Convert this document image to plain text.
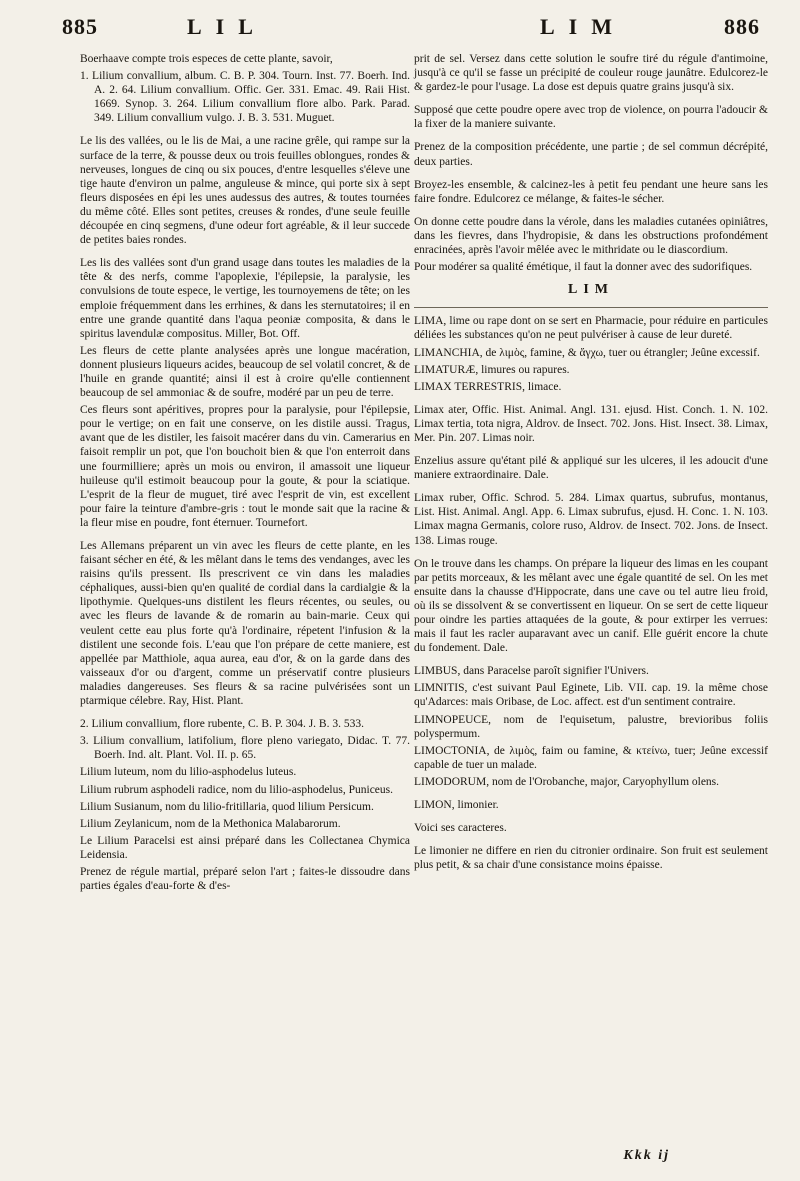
885	LIL	LIM	886

Boerhaave compte trois especes de cette plante, savoir,

1. Lilium convallium, album. C. B. P. 304. Tourn. Inst. 77. Boerh. Ind. A. 2. 64. Lilium convallium. Offic. Ger. 331. Emac. 49. Raii Hist. 1669. Synop. 3. 264. Lilium convallium flore albo. Park. Parad. 349. Lilium convallium vulgo. J. B. 3. 531. Muguet.

Le lis des vallées, ou le lis de Mai, a une racine grêle, qui rampe sur la surface de la terre, & pousse deux ou trois feuilles oblongues, rondes & nerveuses, longues de cinq ou six pouces, d'entre lesquelles s'éleve une tige haute d'environ un palme, anguleuse & mince, qui porte six à sept fleurs disposées en épi les unes audessus des autres, & toutes tournées du même côté. Elles sont petites, creuses & rondes, d'une seule feuille découpée en cinq segmens, d'une odeur fort agréable, & il leur succede de petites baies rondes.

Les lis des vallées sont d'un grand usage dans toutes les maladies de la tête & des nerfs, comme l'apoplexie, l'épilepsie, la paralysie, les convulsions de toute espece, le vertige, les tournoyemens de tête; on les emploie fréquemment dans les errhines, & dans les sternutatoires; il en entre une grande quantité dans l'aqua peoniæ composita, & dans le spiritus lavendulæ compositus. Miller, Bot. Off.

Les fleurs de cette plante analysées après une longue macération, donnent plusieurs liqueurs acides, beaucoup de sel volatil concret, & de l'huile en grande quantité; ainsi il est à croire qu'elle contiennent beaucoup de sel ammoniac & de soufre, modéré par un peu de terre.

Ces fleurs sont apéritives, propres pour la paralysie, pour l'épilepsie, pour le vertige; on en fait une conserve, on les distile aussi. Tragus, avant que de les distiler, les faisoit macérer dans du vin. Camerarius en faisoit remplir un pot, que l'on bouchoit bien & que l'on enterroit dans une fourmilliere; après un mois ou environ, il amassoit une liqueur huileuse qu'il estimoit beaucoup pour la goute, & pour la sciatique. L'esprit de la fleur de muguet, tiré avec l'esprit de vin, est excellent pour faire la teinture d'ambre-gris : tout le monde sait que la racine & la fleur mise en poudre, font éternuer. Tournefort.

Les Allemans préparent un vin avec les fleurs de cette plante, en les faisant sécher en été, & les mêlant dans le tems des vendanges, avec les raisins qu'ils pressent. Ils prescrivent ce vin dans les maladies céphaliques, aussi-bien qu'en qualité de cordial dans la cardialgie & la lipothymie. Quelques-uns distilent les fleurs récentes, ou seules, ou avec les fleurs de lavande & de romarin au bain-marie. Ceux qui veulent cette eau plus forte qu'à l'ordinaire, répetent l'infusion & la distilent une seconde fois. L'eau que l'on prépare de cette maniere, est appellée par Matthiole, aqua aurea, eau d'or, & on la garde dans des vaisseaux d'or ou d'argent, comme un préservatif contre plusieurs maladies dangereuses. Ses fleurs & sa racine pulvérisées sont un ptarmique célebre. Ray, Hist. Plant.

2. Lilium convallium, flore rubente, C. B. P. 304. J. B. 3. 533.

3. Lilium convallium, latifolium, flore pleno variegato, Didac. T. 77. Boerh. Ind. alt. Plant. Vol. II. p. 65.

Lilium luteum, nom du lilio-asphodelus luteus.

Lilium rubrum asphodeli radice, nom du lilio-asphodelus, Puniceus.

Lilium Susianum, nom du lilio-fritillaria, quod lilium Persicum.

Lilium Zeylanicum, nom de la Methonica Malabarorum.

Le Lilium Paracelsi est ainsi préparé dans les Collectanea Chymica Leidensia.

Prenez de régule martial, préparé selon l'art ; faites-le dissoudre dans parties égales d'eau-forte & d'es-

prit de sel. Versez dans cette solution le soufre tiré du régule d'antimoine, jusqu'à ce qu'il se fasse un précipité de couleur rouge jaunâtre. Edulcorez-le & gardez-le pour l'usage. La dose est depuis quatre grains jusqu'à six.

Supposé que cette poudre opere avec trop de violence, on pourra l'adoucir & la fixer de la maniere suivante.

Prenez de la composition précédente, une partie ; de sel commun décrépité, deux parties.

Broyez-les ensemble, & calcinez-les à petit feu pendant une heure sans les faire fondre. Edulcorez ce mélange, & faites-le sécher.

On donne cette poudre dans la vérole, dans les maladies cutanées opiniâtres, dans les fievres, dans l'hydropisie, & dans les obstructions profondément enracinées, après l'avoir mêlée avec le mithridate ou le diascordium.

Pour modérer sa qualité émétique, il faut la donner avec des sudorifiques.

LIM

LIMA, lime ou rape dont on se sert en Pharmacie, pour réduire en particules déliées les substances qu'on ne peut pulvériser à cause de leur dureté.

LIMANCHIA, de λιμὸς, famine, & ἄγχω, tuer ou étrangler; Jeûne excessif.

LIMATURÆ, limures ou rapures.

LIMAX TERRESTRIS, limace.

Limax ater, Offic. Hist. Animal. Angl. 131. ejusd. Hist. Conch. 1. N. 102. Limax tertia, tota nigra, Aldrov. de Insect. 702. Jons. Hist. Insect. 38. Limax, Mer. Pin. 207. Limas noir.

Enzelius assure qu'étant pilé & appliqué sur les ulceres, il les adoucit d'une maniere extraordinaire. Dale.

Limax ruber, Offic. Schrod. 5. 284. Limax quartus, subrufus, montanus, List. Hist. Animal. Angl. App. 6. Limax subrufus, ejusd. H. Conc. 1. N. 103. Limax magna Germanis, colore ruso, Aldrov. de Insect. 702. Jons. de Insect. 138. Limas rouge.

On le trouve dans les champs. On prépare la liqueur des limas en les coupant par petits morceaux, & les mêlant avec une égale quantité de sel. On les met ensuite dans la chausse d'Hippocrate, dans une cave ou tel autre lieu froid, où ils se dissolvent & se convertissent en liqueur. On se sert de cette liqueur pour oindre les parties attaquées de la goute, & pour extirper les verrues: mais il faut les racler auparavant avec un canif. Elle guérit encore la chute du fondement. Dale.

LIMBUS, dans Paracelse paroît signifier l'Univers.

LIMNITIS, c'est suivant Paul Eginete, Lib. VII. cap. 19. la même chose qu'Adarces: mais Oribase, de Loc. affect. est d'un sentiment contraire.

LIMNOPEUCE, nom de l'equisetum, palustre, brevioribus foliis polyspermum.

LIMOCTONIA, de λιμὸς, faim ou famine, & κτείνω, tuer; Jeûne excessif capable de tuer un malade.

LIMODORUM, nom de l'Orobanche, major, Caryophyllum olens.

LIMON, limonier.

Voici ses caracteres.

Le limonier ne differe en rien du citronier ordinaire. Son fruit est seulement plus petit, & sa chair d'une consistance moins épaisse.

Kkk ij
